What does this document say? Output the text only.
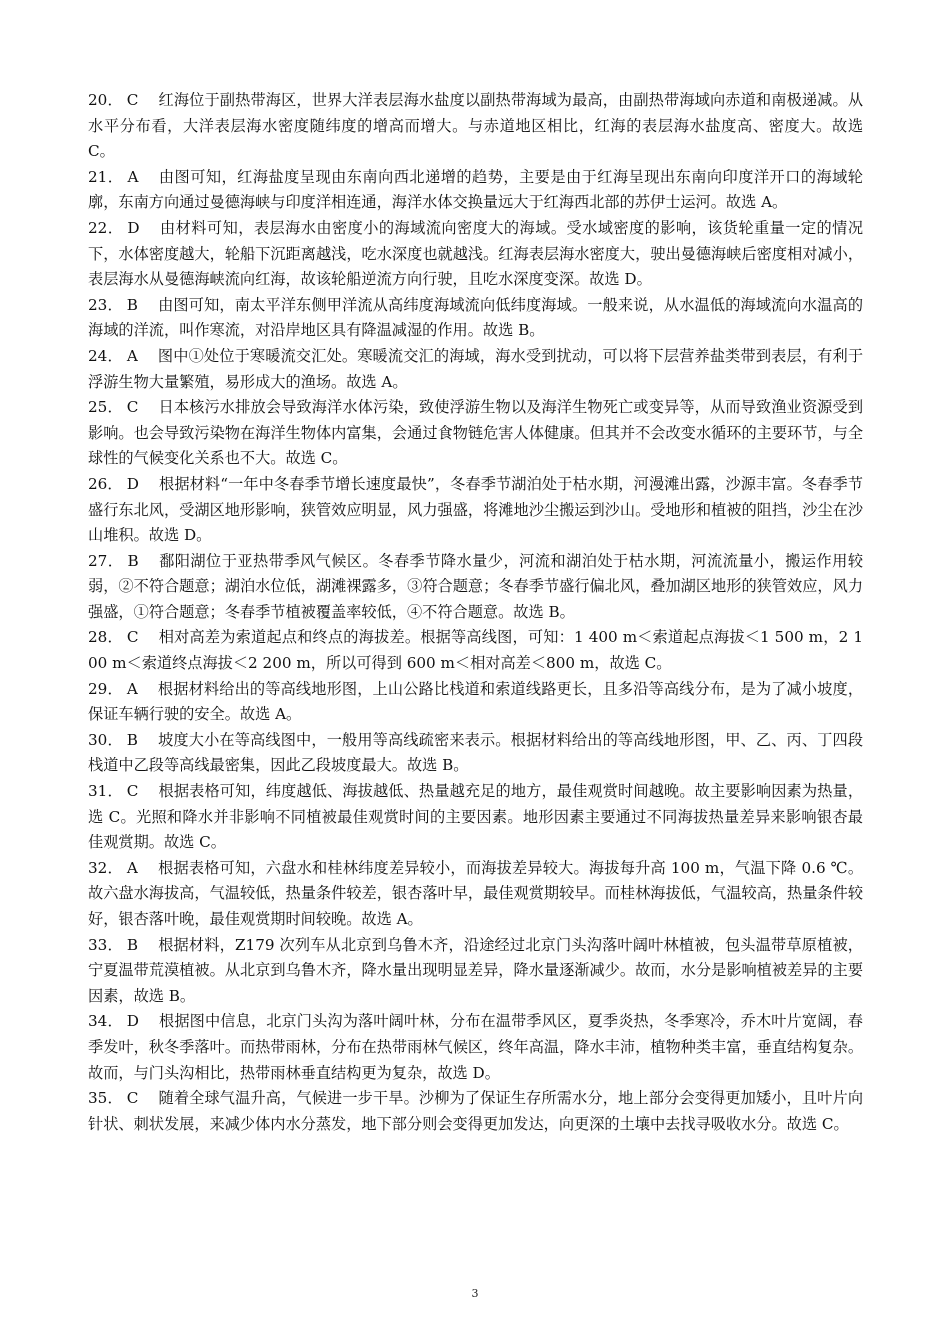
20． C 红海位于副热带海区，世界大洋表层海水盐度以副热带海域为最高，由副热带海域向赤道和南极递减。从水平分布看，大洋表层海水密度随纬度的增高而增大。与赤道地区相比，红海的表层海水盐度高、密度大。故选 C。

21． A 由图可知，红海盐度呈现由东南向西北递增的趋势，主要是由于红海呈现出东南向印度洋开口的海域轮廓，东南方向通过曼德海峡与印度洋相连通，海洋水体交换量远大于红海西北部的苏伊士运河。故选 A。

22． D 由材料可知，表层海水由密度小的海域流向密度大的海域。受水域密度的影响，该货轮重量一定的情况下，水体密度越大，轮船下沉距离越浅，吃水深度也就越浅。红海表层海水密度大，驶出曼德海峡后密度相对减小，表层海水从曼德海峡流向红海，故该轮船逆流方向行驶，且吃水深度变深。故选 D。

23． B 由图可知，南太平洋东侧甲洋流从高纬度海域流向低纬度海域。一般来说，从水温低的海域流向水温高的海域的洋流，叫作寒流，对沿岸地区具有降温减湿的作用。故选 B。

24． A 图中①处位于寒暖流交汇处。寒暖流交汇的海域，海水受到扰动，可以将下层营养盐类带到表层，有利于浮游生物大量繁殖，易形成大的渔场。故选 A。

25． C 日本核污水排放会导致海洋水体污染，致使浮游生物以及海洋生物死亡或变异等，从而导致渔业资源受到影响。也会导致污染物在海洋生物体内富集，会通过食物链危害人体健康。但其并不会改变水循环的主要环节，与全球性的气候变化关系也不大。故选 C。

26． D 根据材料“一年中冬春季节增长速度最快”，冬春季节湖泊处于枯水期，河漫滩出露，沙源丰富。冬春季节盛行东北风，受湖区地形影响，狭管效应明显，风力强盛，将滩地沙尘搬运到沙山。受地形和植被的阻挡，沙尘在沙山堆积。故选 D。

27． B 鄱阳湖位于亚热带季风气候区。冬春季节降水量少，河流和湖泊处于枯水期，河流流量小，搬运作用较弱，②不符合题意；湖泊水位低，湖滩裸露多，③符合题意；冬春季节盛行偏北风，叠加湖区地形的狭管效应，风力强盛，①符合题意；冬春季节植被覆盖率较低，④不符合题意。故选 B。

28． C 相对高差为索道起点和终点的海拔差。根据等高线图，可知：1 400 m＜索道起点海拔＜1 500 m，2 100 m＜索道终点海拔＜2 200 m，所以可得到 600 m＜相对高差＜800 m，故选 C。

29． A 根据材料给出的等高线地形图，上山公路比栈道和索道线路更长，且多沿等高线分布，是为了减小坡度，保证车辆行驶的安全。故选 A。

30． B 坡度大小在等高线图中，一般用等高线疏密来表示。根据材料给出的等高线地形图，甲、乙、丙、丁四段栈道中乙段等高线最密集，因此乙段坡度最大。故选 B。

31． C 根据表格可知，纬度越低、海拔越低、热量越充足的地方，最佳观赏时间越晚。故主要影响因素为热量，选 C。光照和降水并非影响不同植被最佳观赏时间的主要因素。地形因素主要通过不同海拔热量差异来影响银杏最佳观赏期。故选 C。

32． A 根据表格可知，六盘水和桂林纬度差异较小，而海拔差异较大。海拔每升高 100 m，气温下降 0.6 ℃。故六盘水海拔高，气温较低，热量条件较差，银杏落叶早，最佳观赏期较早。而桂林海拔低，气温较高，热量条件较好，银杏落叶晚，最佳观赏期时间较晚。故选 A。

33． B 根据材料，Z179 次列车从北京到乌鲁木齐，沿途经过北京门头沟落叶阔叶林植被，包头温带草原植被，宁夏温带荒漠植被。从北京到乌鲁木齐，降水量出现明显差异，降水量逐渐减少。故而，水分是影响植被差异的主要因素，故选 B。

34． D 根据图中信息，北京门头沟为落叶阔叶林，分布在温带季风区，夏季炎热，冬季寒冷，乔木叶片宽阔，春季发叶，秋冬季落叶。而热带雨林，分布在热带雨林气候区，终年高温，降水丰沛，植物种类丰富，垂直结构复杂。故而，与门头沟相比，热带雨林垂直结构更为复杂，故选 D。

35． C 随着全球气温升高，气候进一步干旱。沙柳为了保证生存所需水分，地上部分会变得更加矮小，且叶片向针状、刺状发展，来减少体内水分蒸发，地下部分则会变得更加发达，向更深的土壤中去找寻吸收水分。故选 C。

3
